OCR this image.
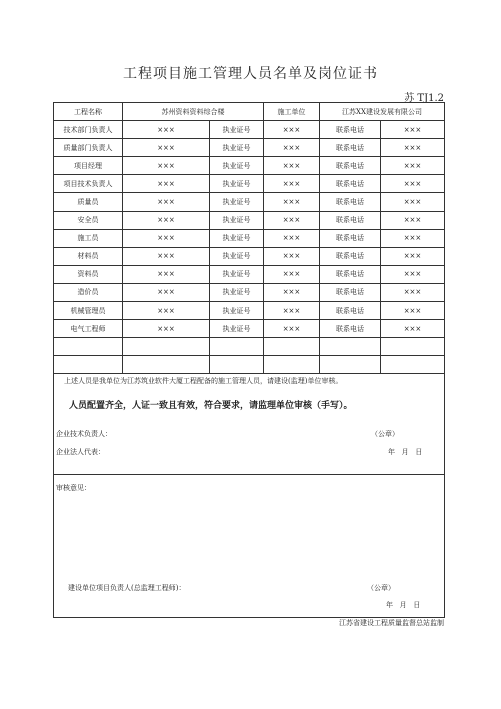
工程项目施工管理人员名单及岗位证书
苏 TJ1.2
工程名称	苏州资料资料综合楼		施工单位	江苏XX建设发展有限公司	
技术部门负责人	×××	执业证号	×××	联系电话	×××
质量部门负责人	×××	执业证号	×××	联系电话	×××
项目经理	×××	执业证号	×××	联系电话	×××
项目技术负责人	×××	执业证号	×××	联系电话	×××
质量员	×××	执业证号	×××	联系电话	×××
安全员	×××	执业证号	×××	联系电话	×××
施工员	×××	执业证号	×××	联系电话	×××
材料员	×××	执业证号	×××	联系电话	×××
资料员	×××	执业证号	×××	联系电话	×××
造价员	×××	执业证号	×××	联系电话	×××
机械管理员	×××	执业证号	×××	联系电话	×××
电气工程师	×××	执业证号	×××	联系电话	×××

上述人员是我单位为江苏筑业软件大厦工程配备的施工管理人员，请建设(监理)单位审核。
人员配置齐全，人证一致且有效，符合要求，请监理单位审核（手写）。
企业技术负责人：	（公章）
企业法人代表：	年   月   日
审核意见：
建设单位项目负责人(总监理工程师)：	（公章）
年   月   日
江苏省建设工程质量监督总站监制
